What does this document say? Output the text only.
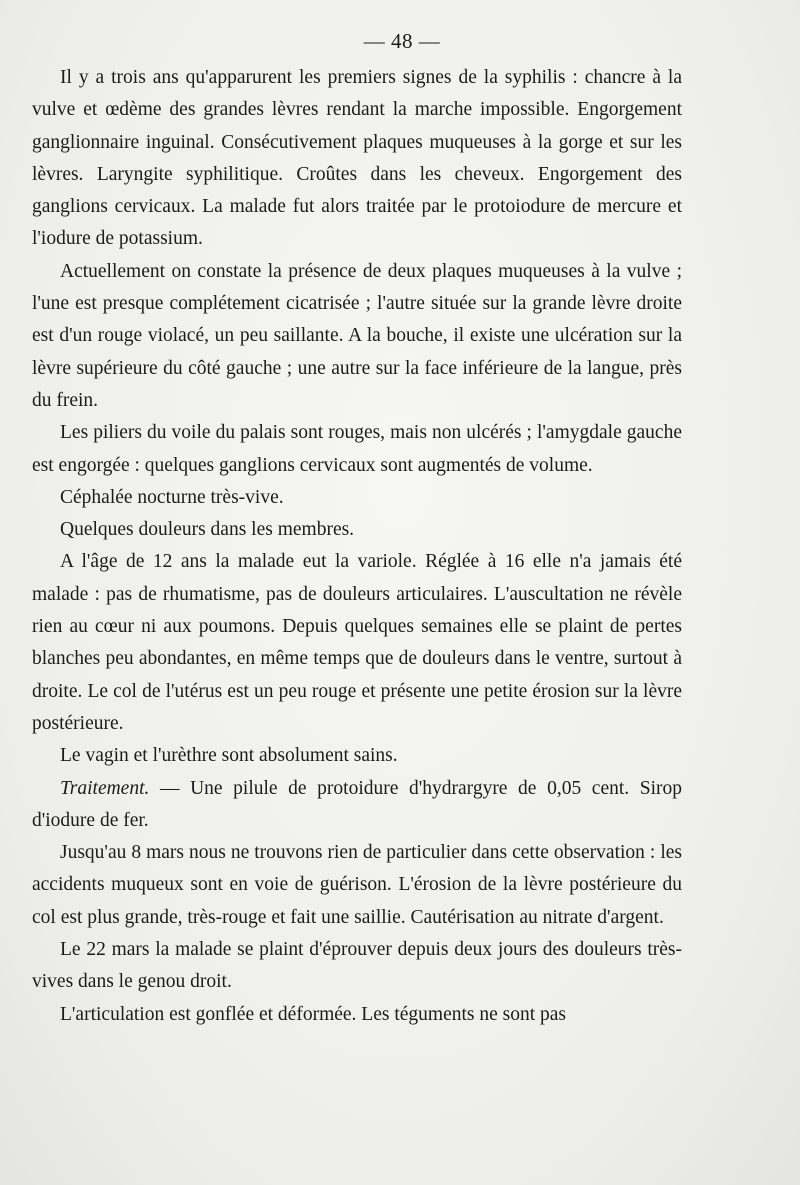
— 48 —

Il y a trois ans qu'apparurent les premiers signes de la syphilis : chancre à la vulve et œdème des grandes lèvres rendant la marche impossible. Engorgement ganglionnaire inguinal. Consécutivement plaques muqueuses à la gorge et sur les lèvres. Laryngite syphilitique. Croûtes dans les cheveux. Engorgement des ganglions cervicaux. La malade fut alors traitée par le protoiodure de mercure et l'iodure de potassium.

Actuellement on constate la présence de deux plaques muqueuses à la vulve ; l'une est presque complétement cicatrisée ; l'autre située sur la grande lèvre droite est d'un rouge violacé, un peu saillante. A la bouche, il existe une ulcération sur la lèvre supérieure du côté gauche ; une autre sur la face inférieure de la langue, près du frein.

Les piliers du voile du palais sont rouges, mais non ulcérés ; l'amygdale gauche est engorgée : quelques ganglions cervicaux sont augmentés de volume.

Céphalée nocturne très-vive.

Quelques douleurs dans les membres.

A l'âge de 12 ans la malade eut la variole. Réglée à 16 elle n'a jamais été malade : pas de rhumatisme, pas de douleurs articulaires. L'auscultation ne révèle rien au cœur ni aux poumons. Depuis quelques semaines elle se plaint de pertes blanches peu abondantes, en même temps que de douleurs dans le ventre, surtout à droite. Le col de l'utérus est un peu rouge et présente une petite érosion sur la lèvre postérieure.

Le vagin et l'urèthre sont absolument sains.

Traitement. — Une pilule de protoidure d'hydrargyre de 0,05 cent. Sirop d'iodure de fer.

Jusqu'au 8 mars nous ne trouvons rien de particulier dans cette observation : les accidents muqueux sont en voie de guérison. L'érosion de la lèvre postérieure du col est plus grande, très-rouge et fait une saillie. Cautérisation au nitrate d'argent.

Le 22 mars la malade se plaint d'éprouver depuis deux jours des douleurs très-vives dans le genou droit.

L'articulation est gonflée et déformée. Les téguments ne sont pas
